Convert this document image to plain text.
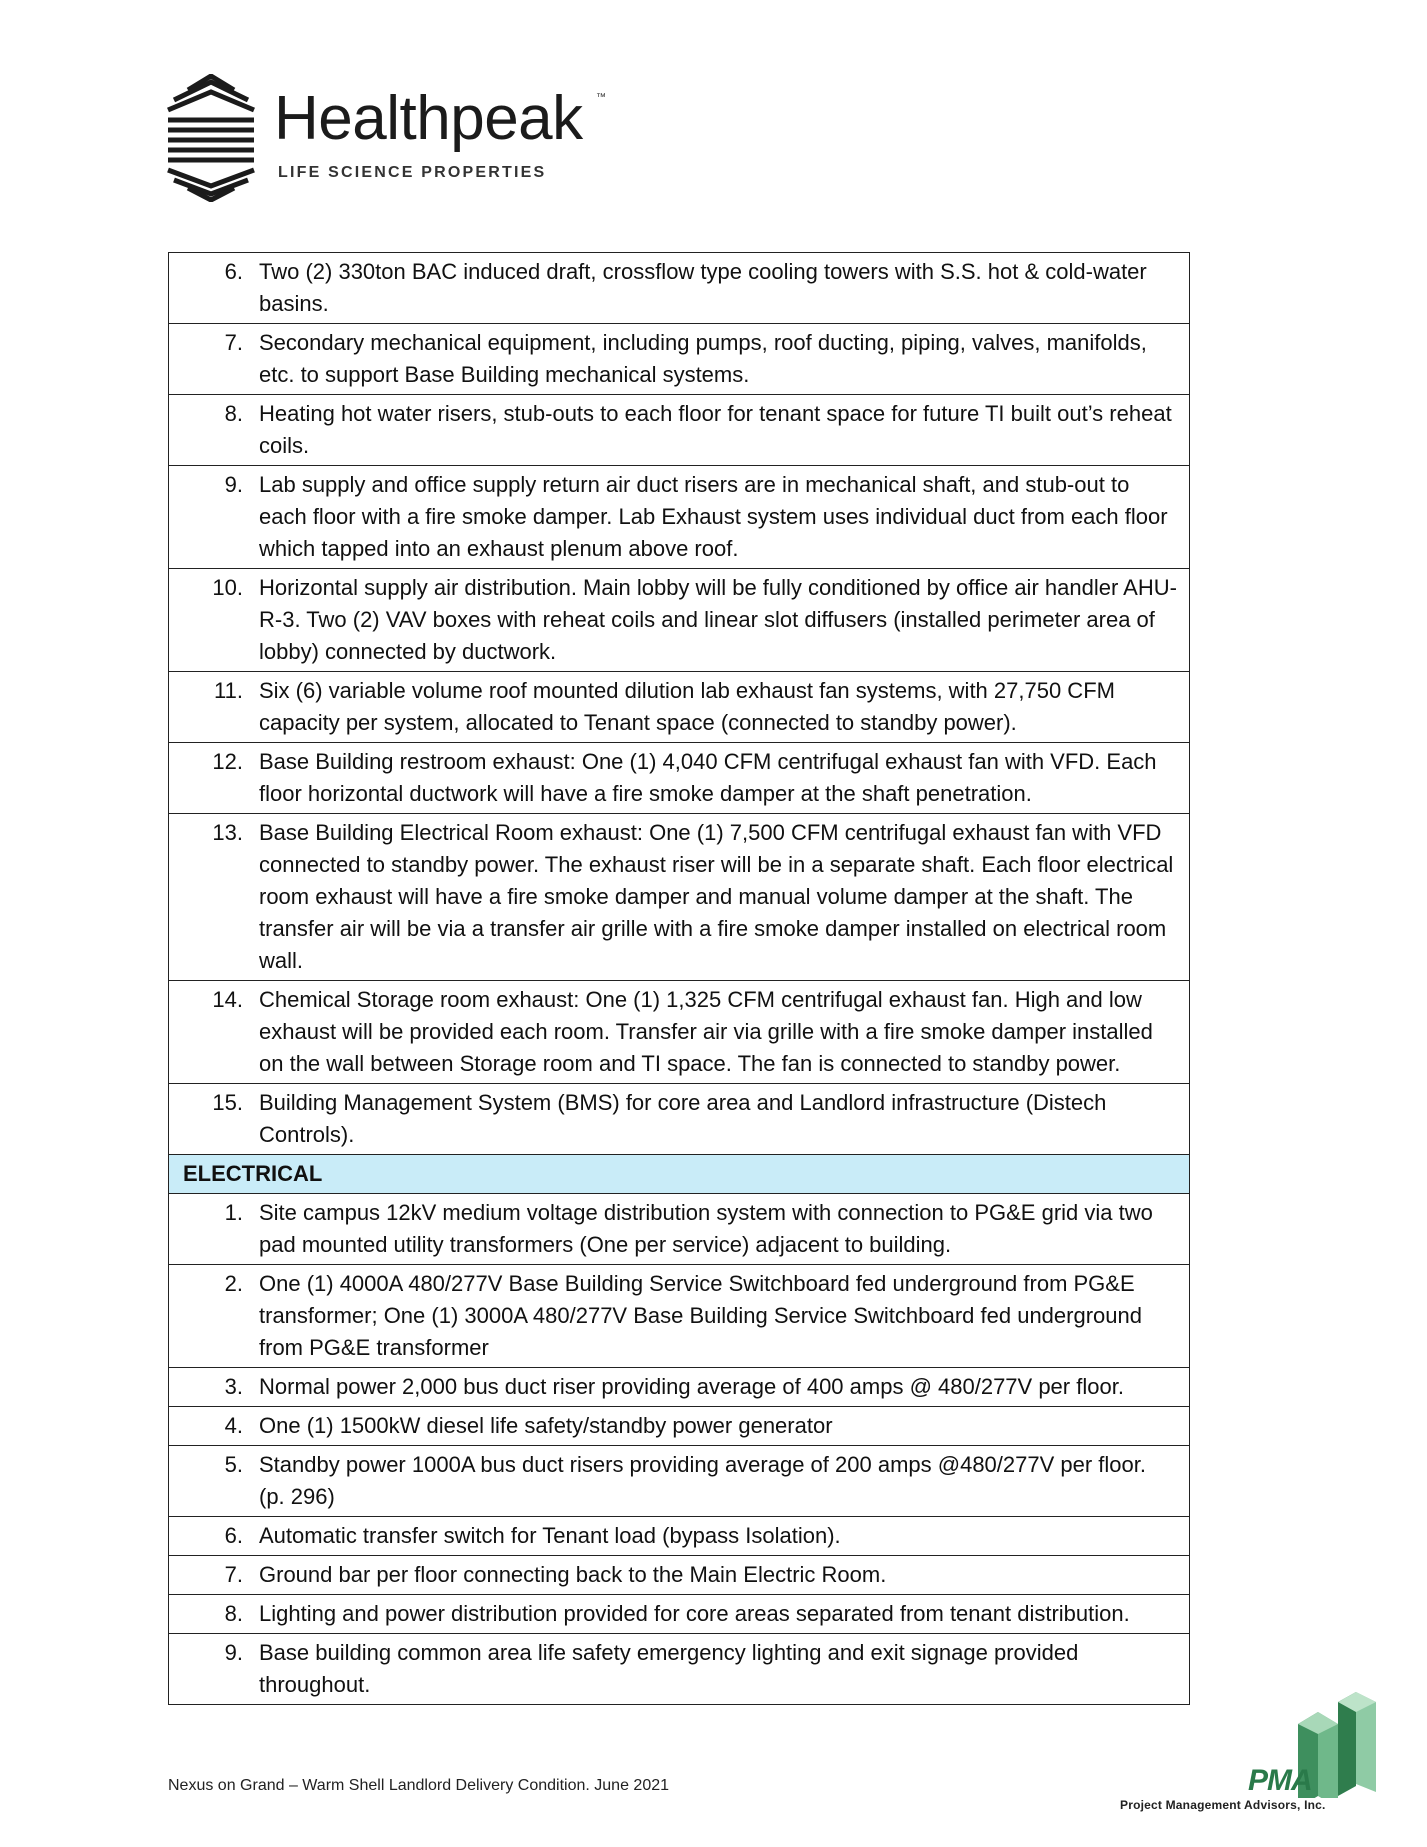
Healthpeak ™
LIFE SCIENCE PROPERTIES
6. Two (2) 330ton BAC induced draft, crossflow type cooling towers with S.S. hot & cold-water basins.

7. Secondary mechanical equipment, including pumps, roof ducting, piping, valves, manifolds, etc. to support Base Building mechanical systems.

8. Heating hot water risers, stub-outs to each floor for tenant space for future TI built out’s reheat coils.

9. Lab supply and office supply return air duct risers are in mechanical shaft, and stub-out to each floor with a fire smoke damper. Lab Exhaust system uses individual duct from each floor which tapped into an exhaust plenum above roof.

10. Horizontal supply air distribution. Main lobby will be fully conditioned by office air handler AHU-R-3. Two (2) VAV boxes with reheat coils and linear slot diffusers (installed perimeter area of lobby) connected by ductwork.

11. Six (6) variable volume roof mounted dilution lab exhaust fan systems, with 27,750 CFM capacity per system, allocated to Tenant space (connected to standby power).

12. Base Building restroom exhaust: One (1) 4,040 CFM centrifugal exhaust fan with VFD. Each floor horizontal ductwork will have a fire smoke damper at the shaft penetration.

13. Base Building Electrical Room exhaust: One (1) 7,500 CFM centrifugal exhaust fan with VFD connected to standby power. The exhaust riser will be in a separate shaft. Each floor electrical room exhaust will have a fire smoke damper and manual volume damper at the shaft. The transfer air will be via a transfer air grille with a fire smoke damper installed on electrical room wall.

14. Chemical Storage room exhaust: One (1) 1,325 CFM centrifugal exhaust fan. High and low exhaust will be provided each room. Transfer air via grille with a fire smoke damper installed on the wall between Storage room and TI space. The fan is connected to standby power.

15. Building Management System (BMS) for core area and Landlord infrastructure (Distech Controls).

ELECTRICAL

1. Site campus 12kV medium voltage distribution system with connection to PG&E grid via two pad mounted utility transformers (One per service) adjacent to building.

2. One (1) 4000A 480/277V Base Building Service Switchboard fed underground from PG&E transformer; One (1) 3000A 480/277V Base Building Service Switchboard fed underground from PG&E transformer

3. Normal power 2,000 bus duct riser providing average of 400 amps @ 480/277V per floor.

4. One (1) 1500kW diesel life safety/standby power generator

5. Standby power 1000A bus duct risers providing average of 200 amps @480/277V per floor. (p. 296)

6. Automatic transfer switch for Tenant load (bypass Isolation).

7. Ground bar per floor connecting back to the Main Electric Room.

8. Lighting and power distribution provided for core areas separated from tenant distribution.

9. Base building common area life safety emergency lighting and exit signage provided throughout.
Nexus on Grand – Warm Shell Landlord Delivery Condition. June 2021	PMA
Project Management Advisors, Inc.
